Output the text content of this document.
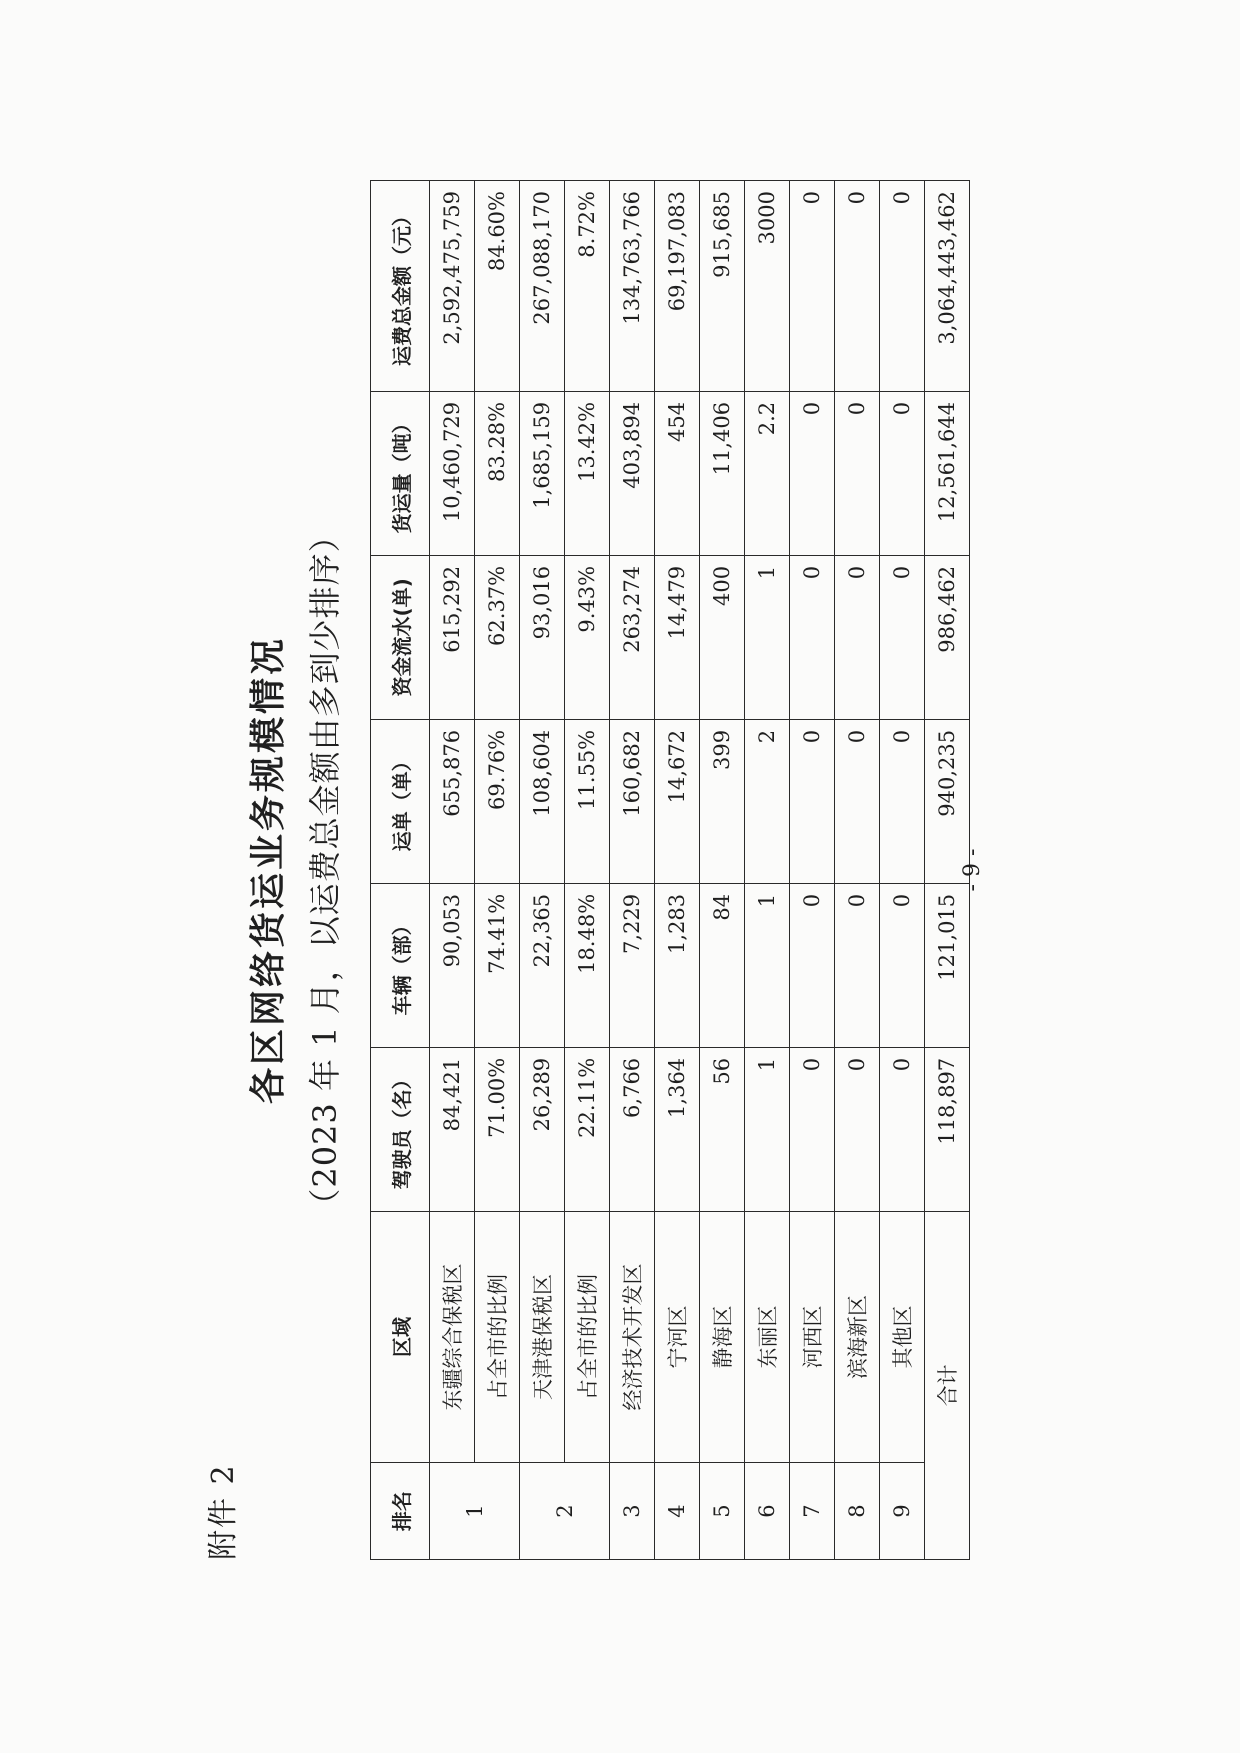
附件 2
各区网络货运业务规模情况 （2023 年 1 月，以运费总金额由多到少排序）
排名	区域	驾驶员（名）	车辆（部）	运单（单）	资金流水(单)	货运量（吨）	运费总金额（元）
1	东疆综合保税区	84,421	90,053	655,876	615,292	10,460,729	2,592,475,759
	占全市的比例	71.00%	74.41%	69.76%	62.37%	83.28%	84.60%
2	天津港保税区	26,289	22,365	108,604	93,016	1,685,159	267,088,170
	占全市的比例	22.11%	18.48%	11.55%	9.43%	13.42%	8.72%
3	经济技术开发区	6,766	7,229	160,682	263,274	403,894	134,763,766
4	宁河区	1,364	1,283	14,672	14,479	454	69,197,083
5	静海区	56	84	399	400	11,406	915,685
6	东丽区	1	1	2	1	2.2	3000
7	河西区	0	0	0	0	0	0
8	滨海新区	0	0	0	0	0	0
9	其他区	0	0	0	0	0	0
合计		118,897	121,015	940,235	986,462	12,561,644	3,064,443,462
- 9 -
